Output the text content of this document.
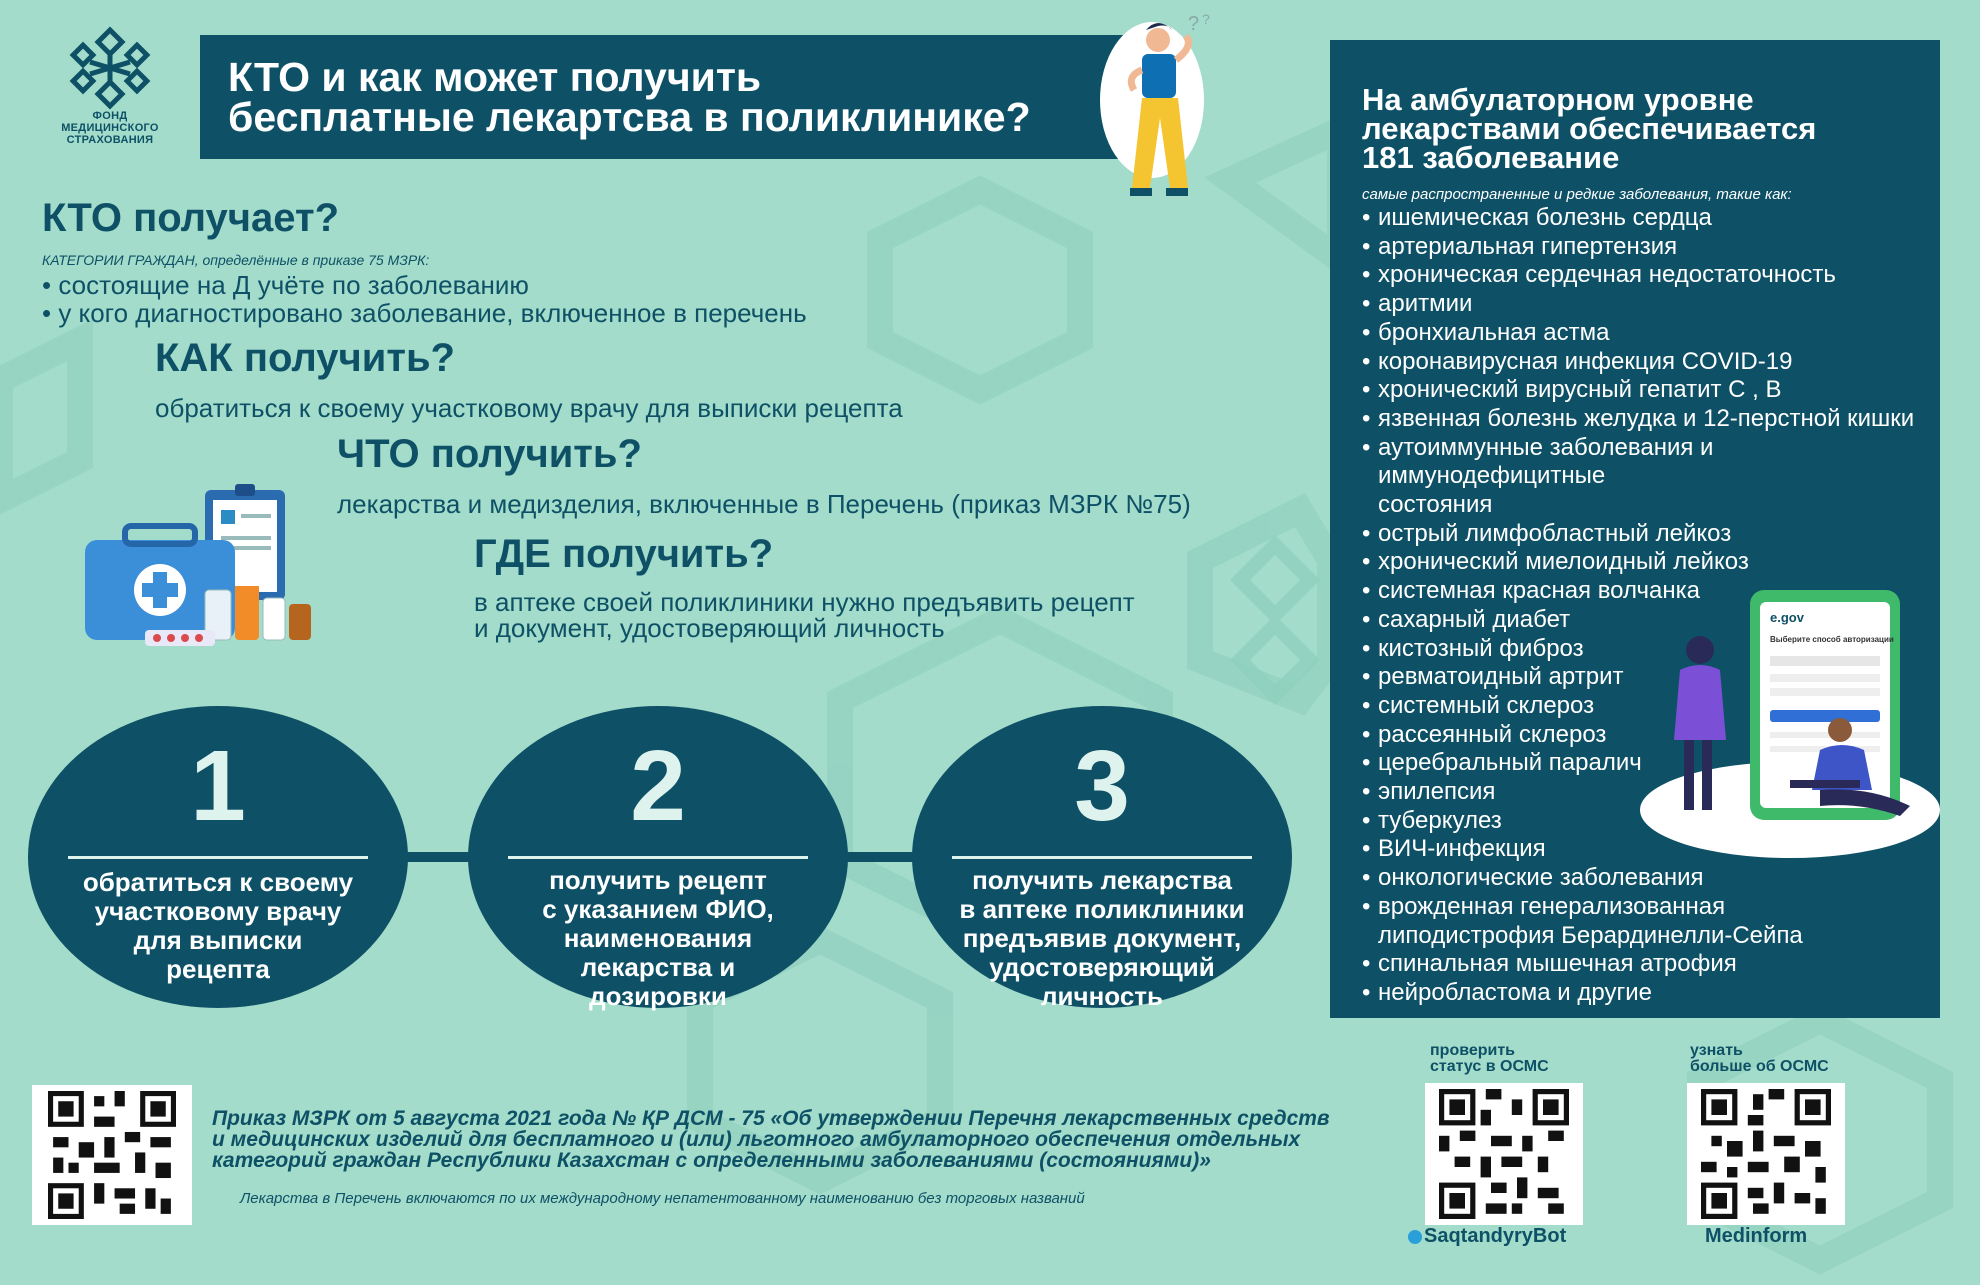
ФОНД
МЕДИЦИНСКОГО
СТРАХОВАНИЯ
КТО и как может получить
бесплатные лекартсва в поликлинике?
? ?
КТО получает?
КАТЕГОРИИ ГРАЖДАН, определённые в приказе 75 МЗРК:
• состоящие на Д учёте по заболеванию
• у кого диагностировано заболевание, включенное в перечень
КАК получить?
обратиться к своему участковому врачу для выписки рецепта
ЧТО получить?
лекарства и медизделия, включенные в Перечень (приказ МЗРК №75)
ГДЕ получить?
в аптеке своей поликлиники нужно предъявить рецепт
и документ, удостоверяющий личность
1
обратиться к своему
участковому врачу
для выписки
рецепта
2
получить рецепт
с указанием ФИО,
наименования
лекарства и
дозировки
3
получить лекарства
в аптеке поликлиники
предъявив документ,
удостоверяющий
личность
На амбулаторном уровне
лекарствами обеспечивается
181 заболевание
самые распространенные и редкие заболевания, такие как:
e.gov
Выберите способ авторизации
• ишемическая болезнь сердца
• артериальная гипертензия
• хроническая сердечная недостаточность
• аритмии
• бронхиальная астма
• коронавирусная инфекция COVID-19
• хронический вирусный гепатит С , В
• язвенная болезнь желудка и 12-перстной кишки
• аутоиммунные заболевания и иммунодефицитные состояния
• острый лимфобластный лейкоз
• хронический миелоидный лейкоз
• системная красная волчанка
• сахарный диабет
• кистозный фиброз
• ревматоидный артрит
• системный склероз
• рассеянный склероз
• церебральный паралич
• эпилепсия
• туберкулез
• ВИЧ-инфекция
• онкологические заболевания
• врожденная генерализованная липодистрофия Берардинелли-Сейпа
• спинальная мышечная атрофия
• нейробластома и другие
Приказ МЗРК от 5 августа 2021 года № ҚР ДСМ - 75 «Об утверждении Перечня лекарственных средств
и медицинских изделий для бесплатного и (или) льготного амбулаторного обеспечения отдельных
категорий граждан Республики Казахстан с определенными заболеваниями (состояниями)»
Лекарства в Перечень включаются по их международному непатентованному наименованию без торговых названий
проверить
статус в ОСМС
SaqtandyryBot
узнать
больше об ОСМС
Medinform
